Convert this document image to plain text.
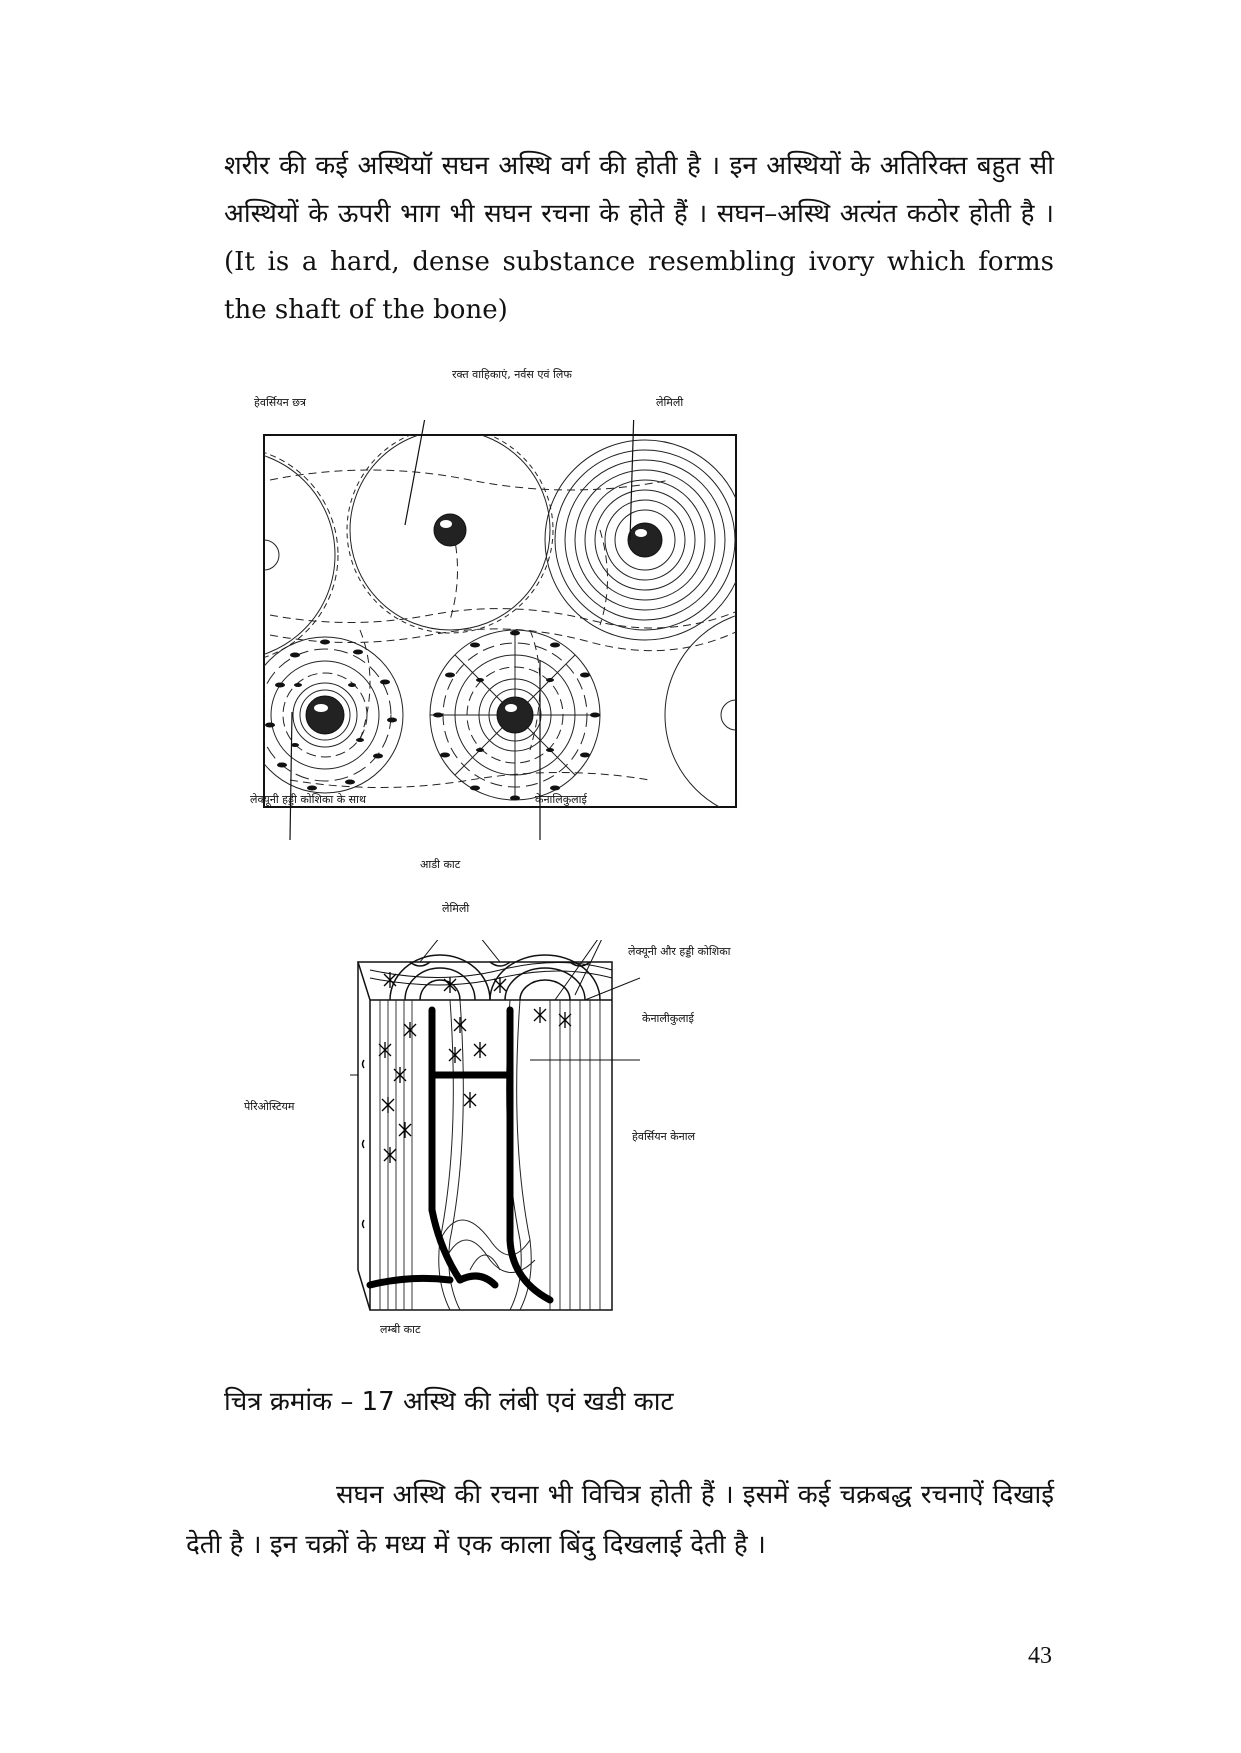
शरीर की कई अस्थियॉ सघन अस्थि वर्ग की होती है । इन अस्थियों के अतिरिक्त बहुत सी अस्थियों के ऊपरी भाग भी सघन रचना के होते हैं । सघन–अस्थि अत्यंत कठोर होती है । (It is a hard, dense substance resembling ivory which forms the shaft of the bone)

रक्त वाहिकाएं, नर्वस एवं लिफ
हेवर्सियन छत्र	लेमिली
लेक्यूनी हड्डी कोशिका के साथ	केनालिकुलाई
आडी काट
लेमिली
लेक्यूनी और हड्डी कोशिका
केनालीकुलाई
पेरिओस्टियम
हेवर्सियन केनाल
लम्बी काट
चित्र क्रमांक – 17 अस्थि की लंबी एवं खडी काट

सघन अस्थि की रचना भी विचित्र होती हैं । इसमें कई चक्रबद्ध रचनाऐं दिखाई देती है । इन चक्रों के मध्य में एक काला बिंदु दिखलाई देती है ।

43
